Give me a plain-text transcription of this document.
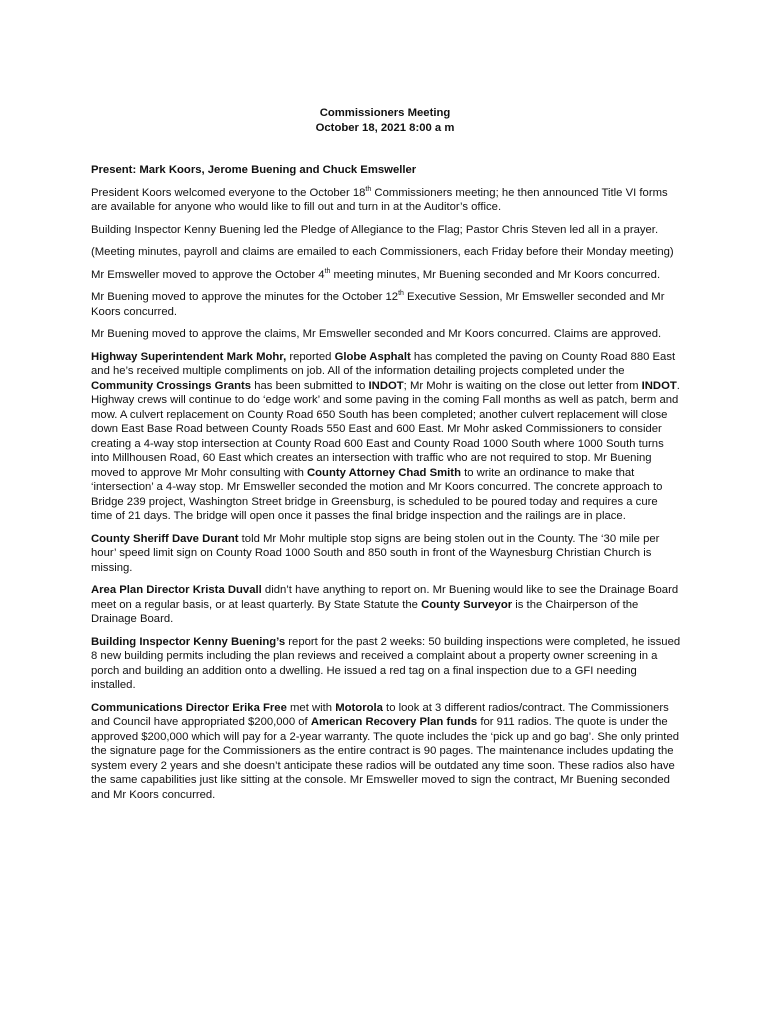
Commissioners Meeting
October 18, 2021 8:00 a m

Present: Mark Koors, Jerome Buening and Chuck Emsweller

President Koors welcomed everyone to the October 18th Commissioners meeting; he then announced Title VI forms are available for anyone who would like to fill out and turn in at the Auditor’s office.

Building Inspector Kenny Buening led the Pledge of Allegiance to the Flag; Pastor Chris Steven led all in a prayer.

(Meeting minutes, payroll and claims are emailed to each Commissioners, each Friday before their Monday meeting)

Mr Emsweller moved to approve the October 4th meeting minutes, Mr Buening seconded and Mr Koors concurred.

Mr Buening moved to approve the minutes for the October 12th Executive Session, Mr Emsweller seconded and Mr Koors concurred.

Mr Buening moved to approve the claims, Mr Emsweller seconded and Mr Koors concurred. Claims are approved.

Highway Superintendent Mark Mohr, reported Globe Asphalt has completed the paving on County Road 880 East and he’s received multiple compliments on job. All of the information detailing projects completed under the Community Crossings Grants has been submitted to INDOT; Mr Mohr is waiting on the close out letter from INDOT. Highway crews will continue to do ‘edge work’ and some paving in the coming Fall months as well as patch, berm and mow. A culvert replacement on County Road 650 South has been completed; another culvert replacement will close down East Base Road between County Roads 550 East and 600 East. Mr Mohr asked Commissioners to consider creating a 4-way stop intersection at County Road 600 East and County Road 1000 South where 1000 South turns into Millhousen Road, 60 East which creates an intersection with traffic who are not required to stop. Mr Buening moved to approve Mr Mohr consulting with County Attorney Chad Smith to write an ordinance to make that ‘intersection’ a 4-way stop. Mr Emsweller seconded the motion and Mr Koors concurred. The concrete approach to Bridge 239 project, Washington Street bridge in Greensburg, is scheduled to be poured today and requires a cure time of 21 days. The bridge will open once it passes the final bridge inspection and the railings are in place.

County Sheriff Dave Durant told Mr Mohr multiple stop signs are being stolen out in the County. The ‘30 mile per hour’ speed limit sign on County Road 1000 South and 850 south in front of the Waynesburg Christian Church is missing.

Area Plan Director Krista Duvall didn’t have anything to report on. Mr Buening would like to see the Drainage Board meet on a regular basis, or at least quarterly. By State Statute the County Surveyor is the Chairperson of the Drainage Board.

Building Inspector Kenny Buening’s report for the past 2 weeks: 50 building inspections were completed, he issued 8 new building permits including the plan reviews and received a complaint about a property owner screening in a porch and building an addition onto a dwelling. He issued a red tag on a final inspection due to a GFI needing installed.

Communications Director Erika Free met with Motorola to look at 3 different radios/contract. The Commissioners and Council have appropriated $200,000 of American Recovery Plan funds for 911 radios. The quote is under the approved $200,000 which will pay for a 2-year warranty. The quote includes the ‘pick up and go bag’. She only printed the signature page for the Commissioners as the entire contract is 90 pages. The maintenance includes updating the system every 2 years and she doesn’t anticipate these radios will be outdated any time soon. These radios also have the same capabilities just like sitting at the console. Mr Emsweller moved to sign the contract, Mr Buening seconded and Mr Koors concurred.
